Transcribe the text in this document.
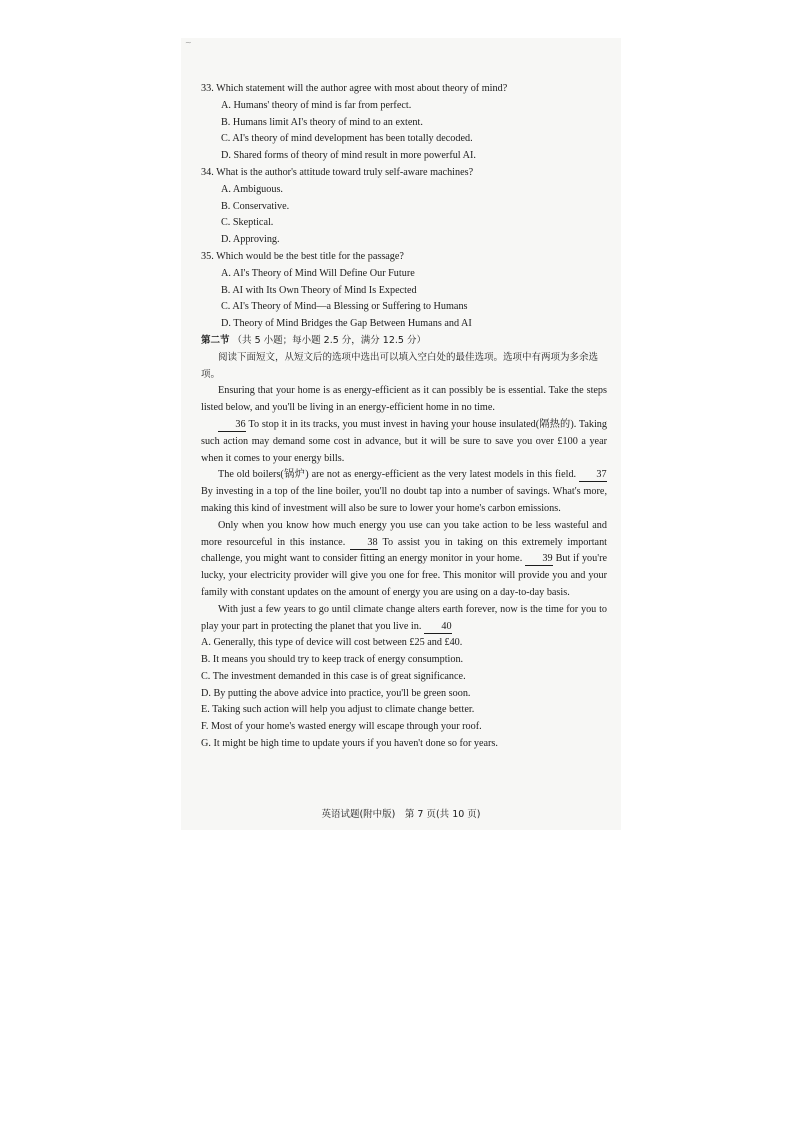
~

33. Which statement will the author agree with most about theory of mind?

A. Humans' theory of mind is far from perfect.

B. Humans limit AI's theory of mind to an extent.

C. AI's theory of mind development has been totally decoded.

D. Shared forms of theory of mind result in more powerful AI.

34. What is the author's attitude toward truly self-aware machines?

A. Ambiguous.

B. Conservative.

C. Skeptical.

D. Approving.

35. Which would be the best title for the passage?

A. AI's Theory of Mind Will Define Our Future

B. AI with Its Own Theory of Mind Is Expected

C. AI's Theory of Mind—a Blessing or Suffering to Humans

D. Theory of Mind Bridges the Gap Between Humans and AI

第二节 （共 5 小题；每小题 2.5 分，满分 12.5 分）

阅读下面短文，从短文后的选项中选出可以填入空白处的最佳选项。选项中有两项为多余选项。

Ensuring that your home is as energy-efficient as it can possibly be is essential. Take the steps listed below, and you'll be living in an energy-efficient home in no time.

36 To stop it in its tracks, you must invest in having your house insulated(隔热的). Taking such action may demand some cost in advance, but it will be sure to save you over £100 a year when it comes to your energy bills.

The old boilers(锅炉) are not as energy-efficient as the very latest models in this field. 37 By investing in a top of the line boiler, you'll no doubt tap into a number of savings. What's more, making this kind of investment will also be sure to lower your home's carbon emissions.

Only when you know how much energy you use can you take action to be less wasteful and more resourceful in this instance. 38 To assist you in taking on this extremely important challenge, you might want to consider fitting an energy monitor in your home. 39 But if you're lucky, your electricity provider will give you one for free. This monitor will provide you and your family with constant updates on the amount of energy you are using on a day-to-day basis.

With just a few years to go until climate change alters earth forever, now is the time for you to play your part in protecting the planet that you live in. 40

A. Generally, this type of device will cost between £25 and £40.

B. It means you should try to keep track of energy consumption.

C. The investment demanded in this case is of great significance.

D. By putting the above advice into practice, you'll be green soon.

E. Taking such action will help you adjust to climate change better.

F. Most of your home's wasted energy will escape through your roof.

G. It might be high time to update yours if you haven't done so for years.

英语试题(附中版)　第 7 页(共 10 页)
